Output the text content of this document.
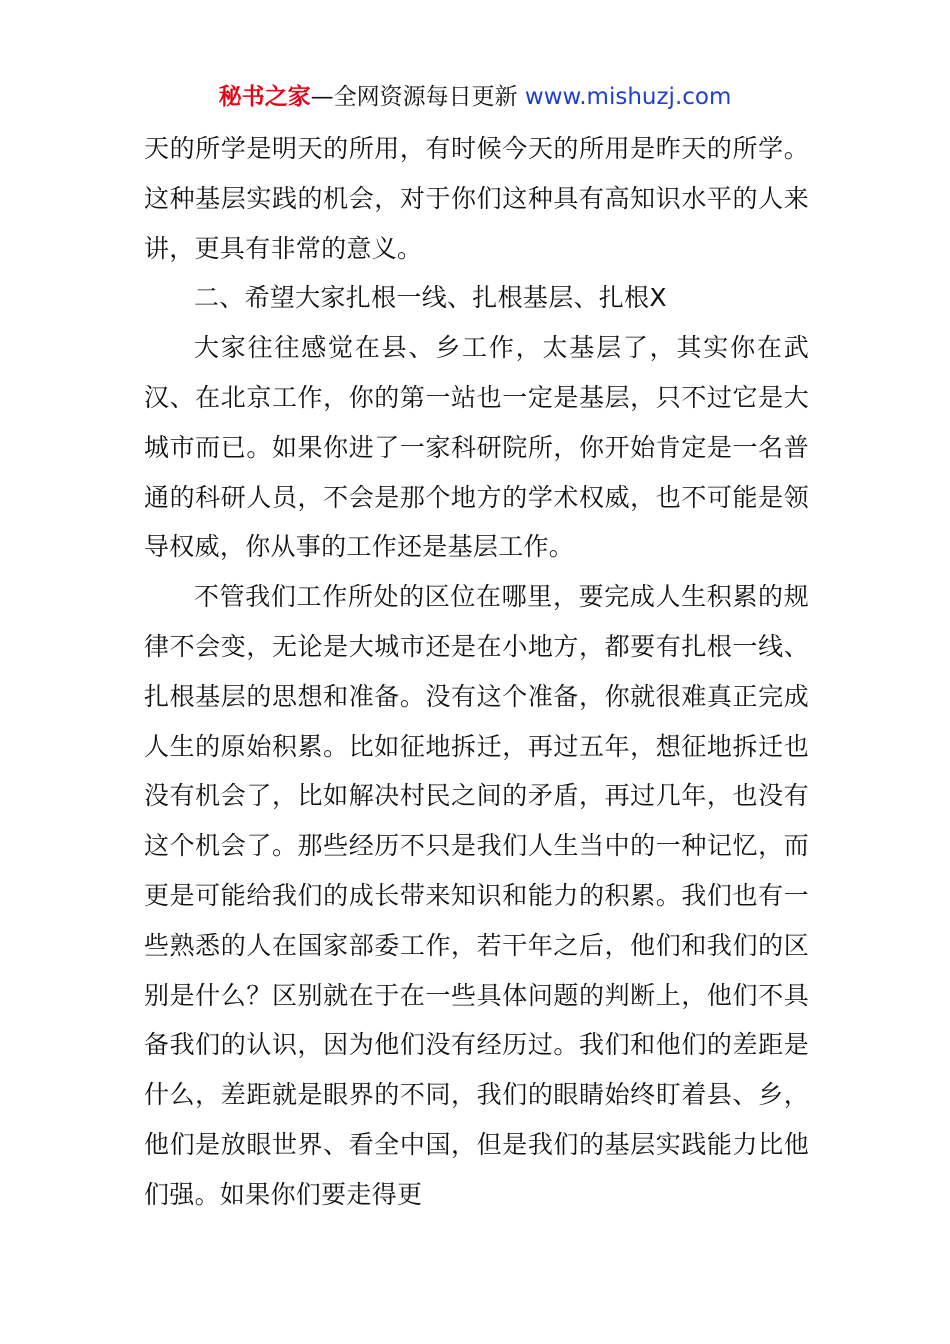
秘书之家—全网资源每日更新 www.mishuzj.com

天的所学是明天的所用，有时候今天的所用是昨天的所学。这种基层实践的机会，对于你们这种具有高知识水平的人来讲，更具有非常的意义。

二、希望大家扎根一线、扎根基层、扎根X

大家往往感觉在县、乡工作，太基层了，其实你在武汉、在北京工作，你的第一站也一定是基层，只不过它是大城市而已。如果你进了一家科研院所，你开始肯定是一名普通的科研人员，不会是那个地方的学术权威，也不可能是领导权威，你从事的工作还是基层工作。

不管我们工作所处的区位在哪里，要完成人生积累的规律不会变，无论是大城市还是在小地方，都要有扎根一线、扎根基层的思想和准备。没有这个准备，你就很难真正完成人生的原始积累。比如征地拆迁，再过五年，想征地拆迁也没有机会了，比如解决村民之间的矛盾，再过几年，也没有这个机会了。那些经历不只是我们人生当中的一种记忆，而更是可能给我们的成长带来知识和能力的积累。我们也有一些熟悉的人在国家部委工作，若干年之后，他们和我们的区别是什么？区别就在于在一些具体问题的判断上，他们不具备我们的认识，因为他们没有经历过。我们和他们的差距是什么，差距就是眼界的不同，我们的眼睛始终盯着县、乡，他们是放眼世界、看全中国，但是我们的基层实践能力比他们强。如果你们要走得更
